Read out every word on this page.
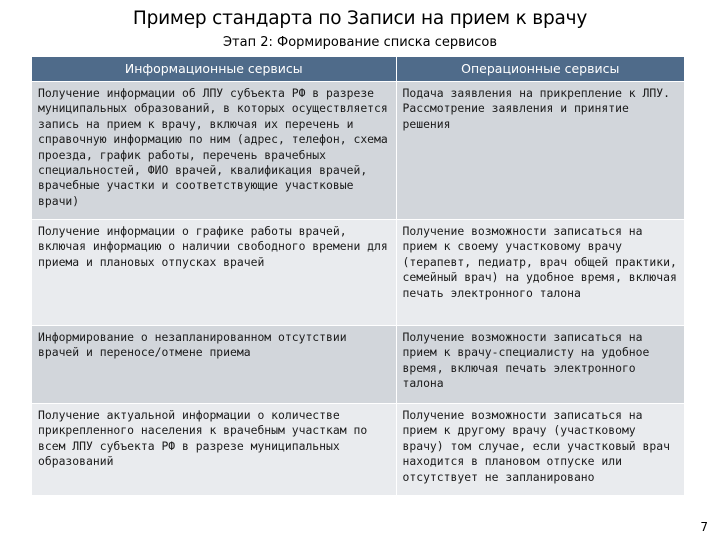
Пример стандарта по Записи на прием к врачу
Этап 2: Формирование списка сервисов
Информационные сервисы	Операционные сервисы
Получение информации об ЛПУ субъекта РФ в разрезе муниципальных образований, в которых осуществляется запись на прием к врачу, включая их перечень и справочную информацию по ним (адрес, телефон, схема проезда, график работы, перечень врачебных специальностей, ФИО врачей, квалификация врачей, врачебные участки и соответствующие участковые врачи)	Подача заявления на прикрепление к ЛПУ. Рассмотрение заявления и принятие решения
Получение информации о графике работы врачей, включая информацию о наличии свободного времени для приема и плановых отпусках врачей	Получение возможности записаться на прием к своему участковому врачу (терапевт, педиатр, врач общей практики, семейный врач) на удобное время, включая печать электронного талона
Информирование о незапланированном отсутствии врачей и переносе/отмене приема	Получение возможности записаться на прием к врачу-специалисту на удобное время, включая печать электронного талона
Получение актуальной информации о количестве прикрепленного населения к врачебным участкам по всем ЛПУ субъекта РФ в разрезе муниципальных образований	Получение возможности записаться на прием к другому врачу (участковому врачу) том случае, если участковый врач находится в плановом отпуске или отсутствует не запланировано
7
